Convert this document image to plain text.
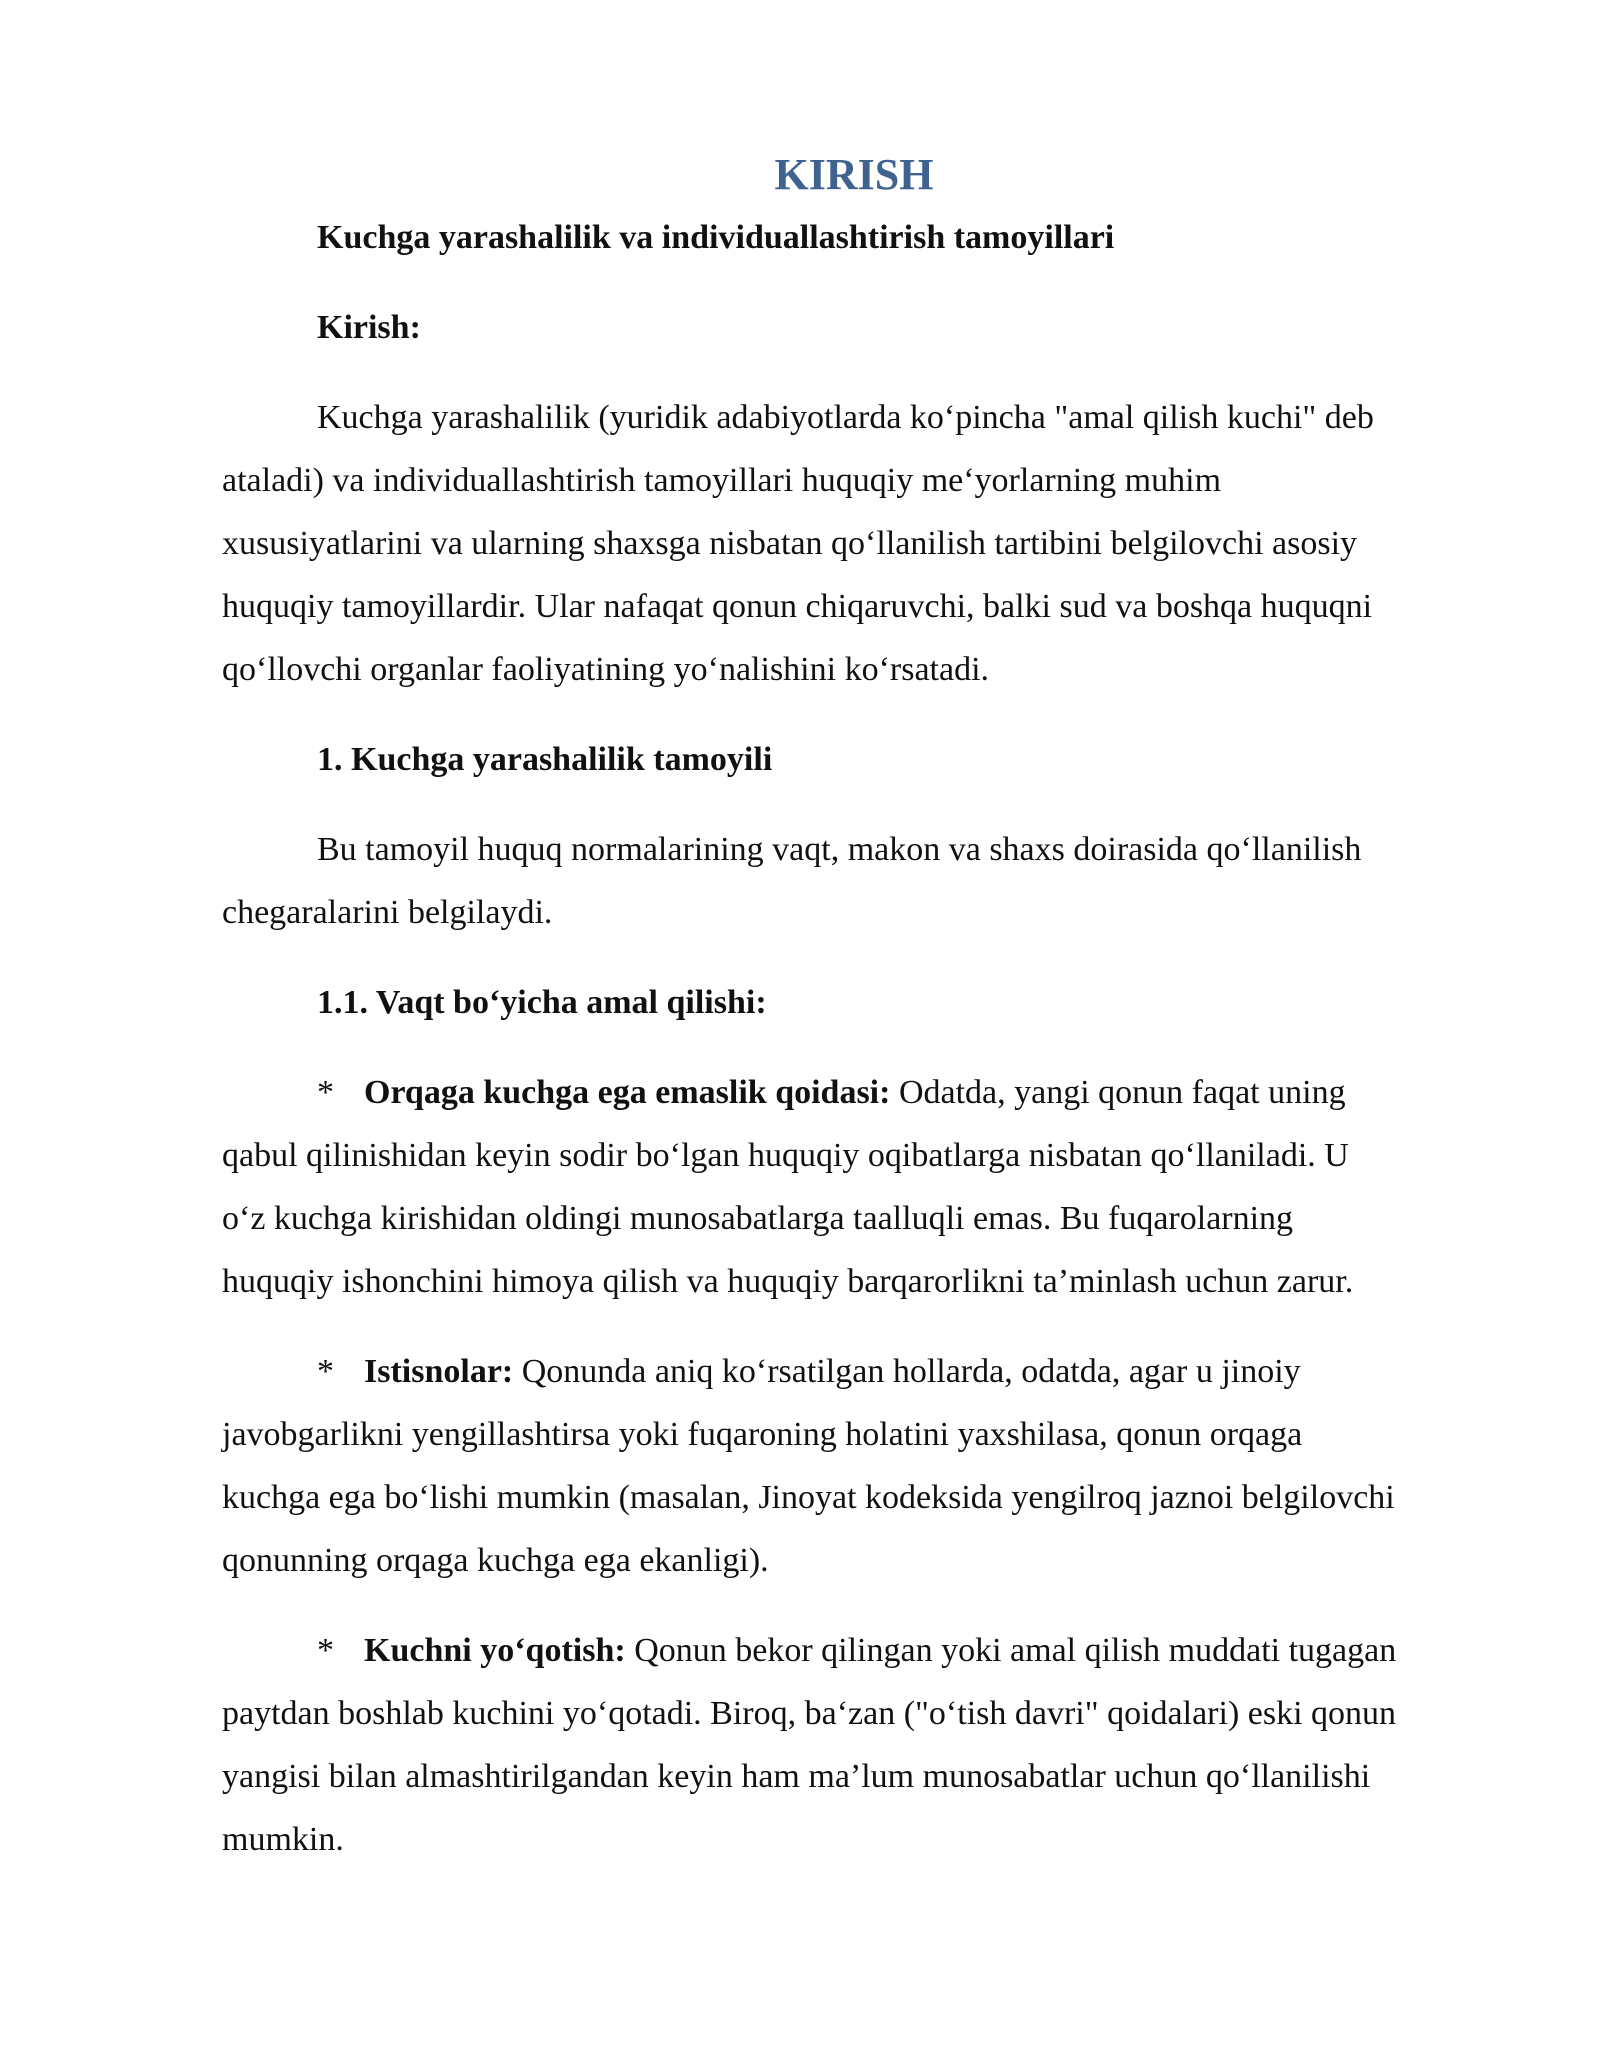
KIRISH
Kuchga yarashalilik va individuallashtirish tamoyillari
Kirish:
Kuchga yarashalilik (yuridik adabiyotlarda ko‘pincha "amal qilish kuchi" deb
ataladi) va individuallashtirish tamoyillari huquqiy me‘yorlarning muhim
xususiyatlarini va ularning shaxsga nisbatan qo‘llanilish tartibini belgilovchi asosiy
huquqiy tamoyillardir. Ular nafaqat qonun chiqaruvchi, balki sud va boshqa huquqni
qo‘llovchi organlar faoliyatining yo‘nalishini ko‘rsatadi.
1. Kuchga yarashalilik tamoyili
Bu tamoyil huquq normalarining vaqt, makon va shaxs doirasida qo‘llanilish
chegaralarini belgilaydi.
1.1. Vaqt bo‘yicha amal qilishi:
* Orqaga kuchga ega emaslik qoidasi: Odatda, yangi qonun faqat uning
qabul qilinishidan keyin sodir bo‘lgan huquqiy oqibatlarga nisbatan qo‘llaniladi. U
o‘z kuchga kirishidan oldingi munosabatlarga taalluqli emas. Bu fuqarolarning
huquqiy ishonchini himoya qilish va huquqiy barqarorlikni ta’minlash uchun zarur.
* Istisnolar: Qonunda aniq ko‘rsatilgan hollarda, odatda, agar u jinoiy
javobgarlikni yengillashtirsa yoki fuqaroning holatini yaxshilasa, qonun orqaga
kuchga ega bo‘lishi mumkin (masalan, Jinoyat kodeksida yengilroq jaznoi belgilovchi
qonunning orqaga kuchga ega ekanligi).
* Kuchni yo‘qotish: Qonun bekor qilingan yoki amal qilish muddati tugagan
paytdan boshlab kuchini yo‘qotadi. Biroq, ba‘zan ("o‘tish davri" qoidalari) eski qonun
yangisi bilan almashtirilgandan keyin ham ma’lum munosabatlar uchun qo‘llanilishi
mumkin.
